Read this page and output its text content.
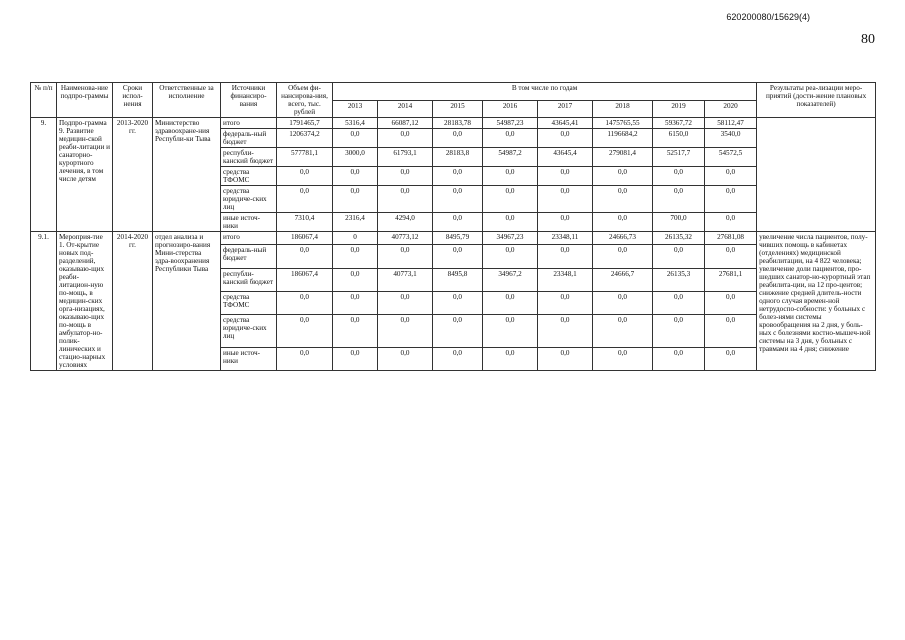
620200080/15629(4)
80
№ п/п	Наименова-ние подпро-граммы	Сроки испол-нения	Ответственные за исполнение	Источники финансиро-вания	Объем фи-нансирова-ния, всего, тыс. рублей	В том числе по годам								Результаты реа-лизации меро-приятий (дости-жение плановых показателей)
						2013	2014	2015	2016	2017	2018	2019	2020	
9.	Подпро-грамма 9. Развитие медицин-ской реаби-литации и санаторно-курортного лечения, в том числе детям	2013-2020 гг.	Министерство здравоохране-ния Республи-ки Тыва	итого	1791465,7	5316,4	66087,12	28183,78	54987,23	43645,41	1475765,55	59367,72	58112,47	
				федераль-ный бюджет	1206374,2	0,0	0,0	0,0	0,0	0,0	1196684,2	6150,0	3540,0	
				республи-канский бюджет	577781,1	3000,0	61793,1	28183,8	54987,2	43645,4	279081,4	52517,7	54572,5	
				средства ТФОМС	0,0	0,0	0,0	0,0	0,0	0,0	0,0	0,0	0,0	
				средства юридиче-ских лиц	0,0	0,0	0,0	0,0	0,0	0,0	0,0	0,0	0,0	
				иные источ-ники	7310,4	2316,4	4294,0	0,0	0,0	0,0	0,0	700,0	0,0	
9.1.	Мероприя-тие 1. От-крытие новых под-разделений, оказываю-щих реаби-литацион-ную по-мощь, в медицин-ских орга-низациях, оказываю-щих по-мощь в амбулатор-но-полик-линических и стацио-нарных условиях	2014-2020 гг.	отдел анализа и прогнозиро-вания Мини-стерства здра-воохранения Республики Тыва	итого	186067,4	0	40773,12	8495,79	34967,23	23348,11	24666,73	26135,32	27681,08	увеличение числа пациентов, полу-чивших помощь в кабинетах (отделениях) медицинской реабилитации, на 4 822 человека; увеличение доли пациентов, про-шедших санатор-но-курортный этап реабилита-ции, на 12 про-центов; снижение средней длитель-ности одного случая времен-ной нетрудоспо-собности: у больных с болез-нями системы кровообращения на 2 дня, у боль-ных с болезнями костно-мышеч-ной системы на 3 дня, у больных с травмами на 4 дня; снижение
				федераль-ный бюджет	0,0	0,0	0,0	0,0	0,0	0,0	0,0	0,0	0,0	
				республи-канский бюджет	186067,4	0,0	40773,1	8495,8	34967,2	23348,1	24666,7	26135,3	27681,1	
				средства ТФОМС	0,0	0,0	0,0	0,0	0,0	0,0	0,0	0,0	0,0	
				средства юридиче-ских лиц	0,0	0,0	0,0	0,0	0,0	0,0	0,0	0,0	0,0	
				иные источ-ники	0,0	0,0	0,0	0,0	0,0	0,0	0,0	0,0	0,0	
